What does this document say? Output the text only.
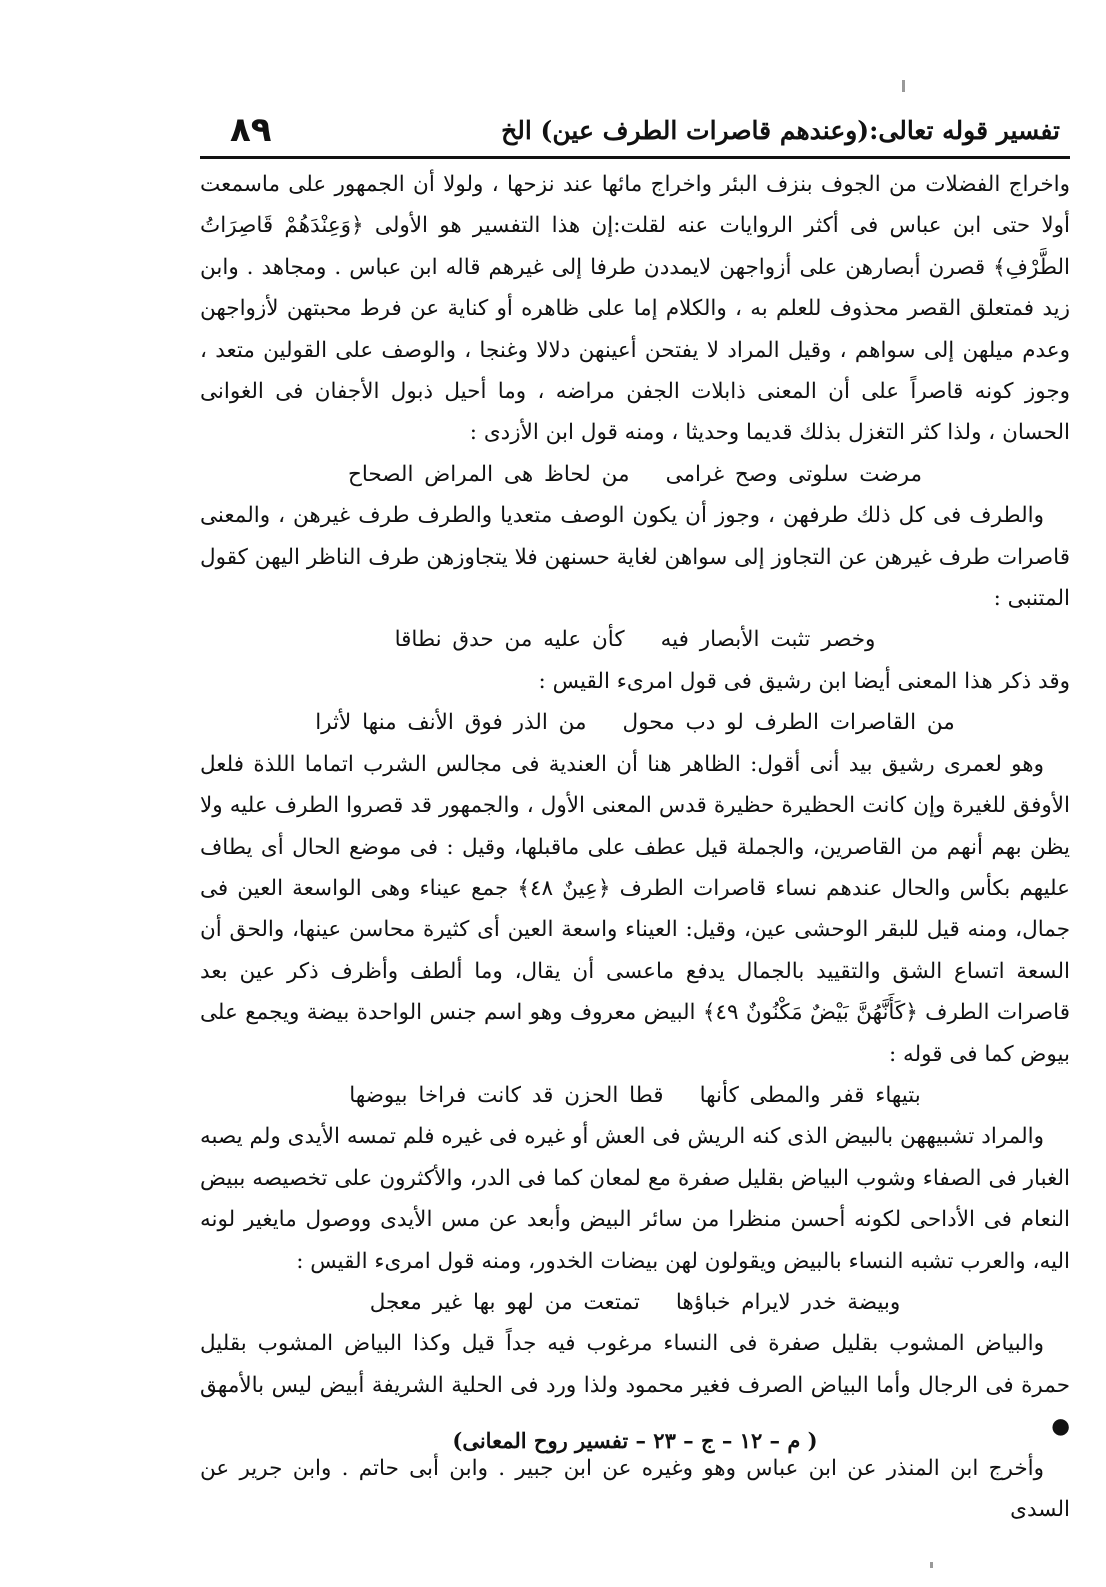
٨٩	تفسير قوله تعالى:(وعندهم قاصرات الطرف عين) الخ

واخراج الفضلات من الجوف بنزف البئر واخراج مائها عند نزحها ، ولولا أن الجمهور على ماسمعت أولا حتى ابن عباس فى أكثر الروايات عنه لقلت:إن هذا التفسير هو الأولى ﴿وَعِنْدَهُمْ قَاصِرَاتُ الطَّرْفِ﴾ قصرن أبصارهن على أزواجهن لايمددن طرفا إلى غيرهم قاله ابن عباس . ومجاهد . وابن زيد فمتعلق القصر محذوف للعلم به ، والكلام إما على ظاهره أو كناية عن فرط محبتهن لأزواجهن وعدم ميلهن إلى سواهم ، وقيل المراد لا يفتحن أعينهن دلالا وغنجا ، والوصف على القولين متعد ، وجوز كونه قاصراً على أن المعنى ذابلات الجفن مراضه ، وما أحيل ذبول الأجفان فى الغوانى الحسان ، ولذا كثر التغزل بذلك قديما وحديثا ، ومنه قول ابن الأزدى :

مرضت سلوتى وصح غرامىمن لحاظ هى المراض الصحاح

والطرف فى كل ذلك طرفهن ، وجوز أن يكون الوصف متعديا والطرف طرف غيرهن ، والمعنى قاصرات طرف غيرهن عن التجاوز إلى سواهن لغاية حسنهن فلا يتجاوزهن طرف الناظر اليهن كقول المتنبى :

وخصر تثبت الأبصار فيهكأن عليه من حدق نطاقا

وقد ذكر هذا المعنى أيضا ابن رشيق فى قول امرىء القيس :

من القاصرات الطرف لو دب محولمن الذر فوق الأنف منها لأثرا

وهو لعمرى رشيق بيد أنى أقول: الظاهر هنا أن العندية فى مجالس الشرب اتماما اللذة فلعل الأوفق للغيرة وإن كانت الحظيرة حظيرة قدس المعنى الأول ، والجمهور قد قصروا الطرف عليه ولا يظن بهم أنهم من القاصرين، والجملة قيل عطف على ماقبلها، وقيل : فى موضع الحال أى يطاف عليهم بكأس والحال عندهم نساء قاصرات الطرف ﴿عِينٌ ٤٨﴾ جمع عيناء وهى الواسعة العين فى جمال، ومنه قيل للبقر الوحشى عين، وقيل: العيناء واسعة العين أى كثيرة محاسن عينها، والحق أن السعة اتساع الشق والتقييد بالجمال يدفع ماعسى أن يقال، وما ألطف وأظرف ذكر عين بعد قاصرات الطرف ﴿كَأَنَّهُنَّ بَيْضٌ مَكْنُونٌ ٤٩﴾ البيض معروف وهو اسم جنس الواحدة بيضة ويجمع على بيوض كما فى قوله :

بتيهاء قفر والمطى كأنهاقطا الحزن قد كانت فراخا بيوضها

والمراد تشبيههن بالبيض الذى كنه الريش فى العش أو غيره فى غيره فلم تمسه الأيدى ولم يصبه الغبار فى الصفاء وشوب البياض بقليل صفرة مع لمعان كما فى الدر، والأكثرون على تخصيصه ببيض النعام فى الأداحى لكونه أحسن منظرا من سائر البيض وأبعد عن مس الأيدى ووصول مايغير لونه اليه، والعرب تشبه النساء بالبيض ويقولون لهن بيضات الخدور، ومنه قول امرىء القيس :

وبيضة خدر لايرام خباؤهاتمتعت من لهو بها غير معجل

والبياض المشوب بقليل صفرة فى النساء مرغوب فيه جداً قيل وكذا البياض المشوب بقليل حمرة فى الرجال وأما البياض الصرف فغير محمود ولذا ورد فى الحلية الشريفة أبيض ليس بالأمهق ●

وأخرج ابن المنذر عن ابن عباس وهو وغيره عن ابن جبير . وابن أبى حاتم . وابن جرير عن السدى

( م – ١٢ – ج – ٢٣ – تفسير روح المعانى)
